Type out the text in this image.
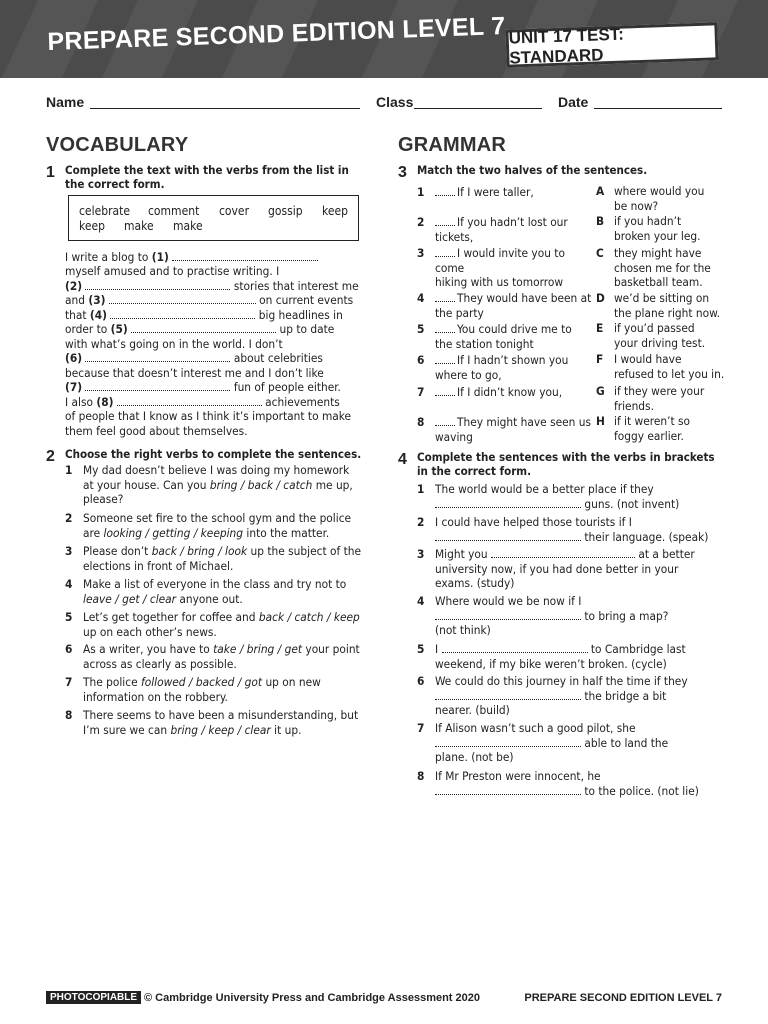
PREPARE SECOND EDITION LEVEL 7 UNIT 17 TEST: STANDARD
Name	Class	Date
VOCABULARY
1 Complete the text with the verbs from the list in the correct form.
celebrate comment cover gossip keep
keep make make
I write a blog to (1)
myself amused and to practise writing. I
(2)	stories that interest me
and (3)	on current events
that (4)	big headlines in
order to (5)	up to date
with what’s going on in the world. I don’t
(6)	about celebrities
because that doesn’t interest me and I don’t like
(7)	fun of people either.
I also (8)	achievements
of people that I know as I think it’s important to make
them feel good about themselves.
2 Choose the right verbs to complete the sentences.
1 My dad doesn’t believe I was doing my homework
at your house. Can you bring / back / catch me up,
please?
2 Someone set fire to the school gym and the police
are looking / getting / keeping into the matter.
3 Please don’t back / bring / look up the subject of the
elections in front of Michael.
4 Make a list of everyone in the class and try not to
leave / get / clear anyone out.
5 Let’s get together for coffee and back / catch / keep
up on each other’s news.
6 As a writer, you have to take / bring / get your point
across as clearly as possible.
7 The police followed / backed / got up on new
information on the robbery.
8 There seems to have been a misunderstanding, but
I’m sure we can bring / keep / clear it up.
GRAMMAR
3 Match the two halves of the sentences.
1	If I were taller,
2	If you hadn’t lost our
tickets,
3	I would invite you to come
hiking with us tomorrow
4	They would have been at
the party
5	You could drive me to
the station tonight
6	If I hadn’t shown you
where to go,
7	If I didn’t know you,
8	They might have seen us
waving
A where would you
be now?
B if you hadn’t
broken your leg.
C they might have
chosen me for the
basketball team.
D we’d be sitting on
the plane right now.
E if you’d passed
your driving test.
F I would have
refused to let you in.
G if they were your
friends.
H if it weren’t so
foggy earlier.
4 Complete the sentences with the verbs in brackets in the correct form.
1 The world would be a better place if they
guns. (not invent)
2 I could have helped those tourists if I
their language. (speak)
3 Might you	at a better
university now, if you had done better in your
exams. (study)
4 Where would we be now if I
to bring a map?
(not think)
5 I	to Cambridge last
weekend, if my bike weren’t broken. (cycle)
6 We could do this journey in half the time if they
the bridge a bit
nearer. (build)
7 If Alison wasn’t such a good pilot, she
able to land the
plane. (not be)
8 If Mr Preston were innocent, he
to the police. (not lie)
PHOTOCOPIABLE © Cambridge University Press and Cambridge Assessment 2020	PREPARE SECOND EDITION LEVEL 7
